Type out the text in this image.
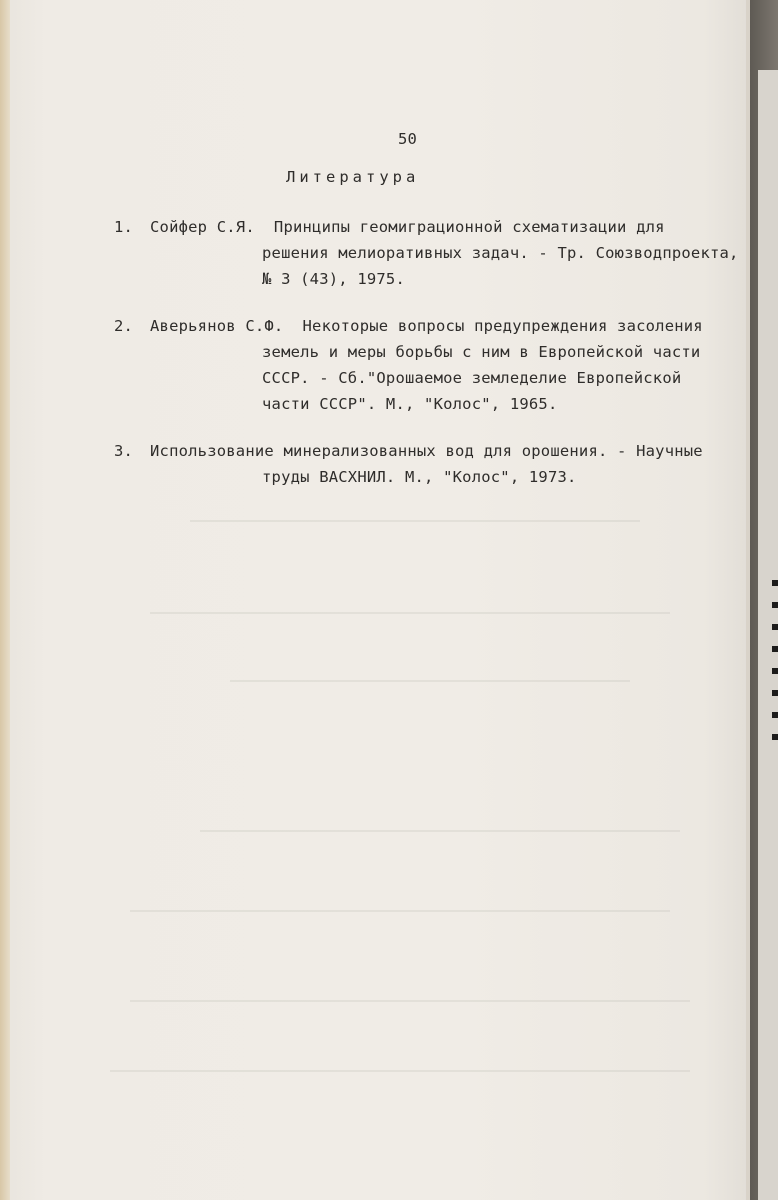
50

Литература

1. Сойфер С.Я.  Принципы геомиграционной схематизации для

решения мелиоративных задач. - Тр. Союзводпроекта,

№ 3 (43), 1975.

2. Аверьянов С.Ф.  Некоторые вопросы предупреждения засоления

земель и меры борьбы с ним в Европейской части

СССР. - Сб."Орошаемое земледелие Европейской

части СССР". М., "Колос", 1965.

3. Использование минерализованных вод для орошения. - Научные

труды ВАСХНИЛ. М., "Колос", 1973.
